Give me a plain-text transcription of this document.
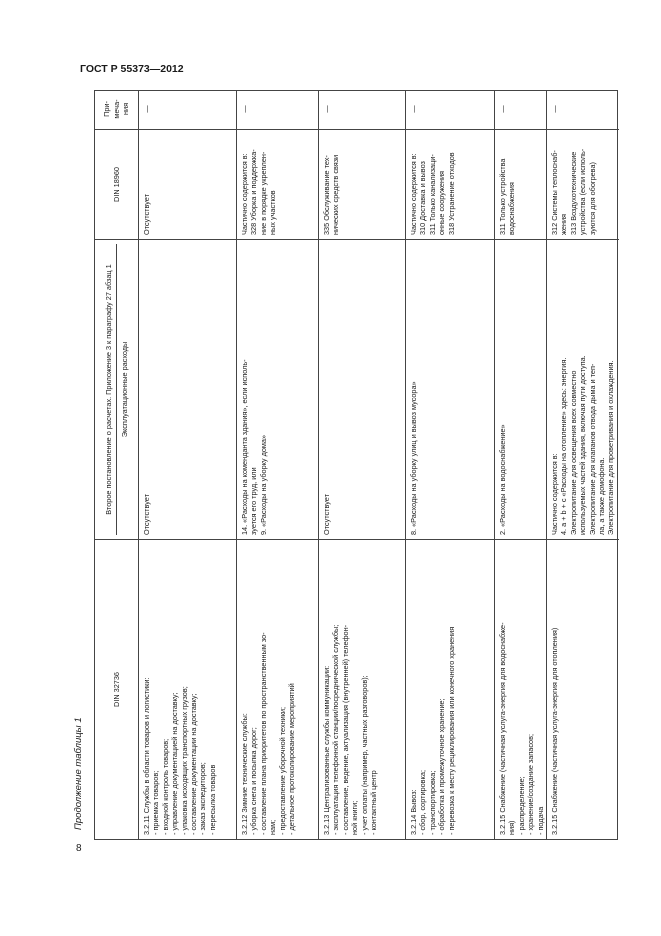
ГОСТ Р 55373—2012
Продолжение таблицы 1
8
DIN 32736
Второе постановление о расчетах. Приложение 3 к параграфу 27 абзац 1	Эксплуатационные расходы
DIN 18960
При- меча- ния
3.2.11 Службы в области товаров и логистики: - приемка товаров; - входной контроль товаров; - управление документацией на доставку; - упаковка исходящих транспортных грузов; - составление документации на доставку; - заказ экспедиторов; - пересылка товаров
Отсутствует
Отсутствует
—
3.2.12 Зимние технические службы: - уборка снега и посыпка дорог; - составление плана приоритетов по пространственным зо- нам; - предоставление уборочной техники; - детальное протоколирование мероприятий
14. «Расходы на коменданта здания», если исполь- зуется его труд, или 9. «Расходы на уборку дома»
Частично содержится в: 328 Уборка и поддержка- ние в порядке укреплен- ных участков
—
3.2.13 Централизованные службы коммуникации: - эксплуатация телефонной станции/посреднической службы; - составление, ведение, актуализация (внутренней) телефон- ной книги; - учет оплаты (например, частных разговоров); - контактный центр
Отсутствует
335 Обслуживание тех- нических средств связи
—
3.2.14 Вывоз: - сбор, сортировка; - транспортировка; - обработка и промежуточное хранение; - перевозка к месту рециклирования или конечного хранения
8. «Расходы на уборку улиц и вывоз мусора»
Частично содержится в: 310 Доставка и вывоз 311 Только канализаци- онные сооружения 318 Устранение отходов
—
3.2.15 Снабжение (частичная услуга-энергия для водоснабже- ния) - распределение; - хранение/создание запасов; - подача
2. «Расходы на водоснабжение»
311 Только устройства водоснабжения
—
3.2.15 Снабжение (частичная услуга-энергия для отопления)
Частично содержится в: 4. a + b + c «Расходы на отопление» здесь: энергия. Электропитание для освещения всех совместно используемых частей здания, включая пути доступа. Электропитание для клапанов отвода дыма и теп- ла, а также домофона. Электропитание для проветривания и охлаждения.
312 Системы теплоснаб- жения 313 Воздухотехнические устройства (если исполь- зуются для обогрева)
—
